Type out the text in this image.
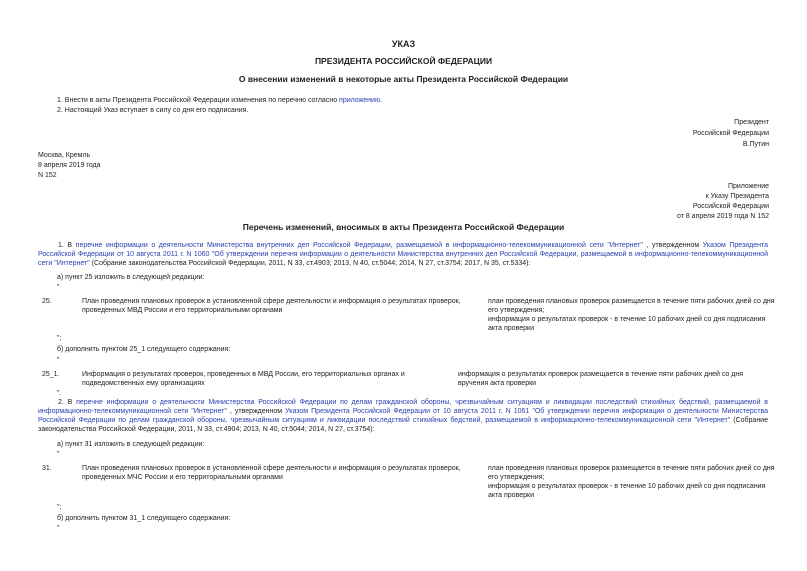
УКАЗ
ПРЕЗИДЕНТА РОССИЙСКОЙ ФЕДЕРАЦИИ
О внесении изменений в некоторые акты Президента Российской Федерации
1. Внести в акты Президента Российской Федерации изменения по перечню согласно приложению.
2. Настоящий Указ вступает в силу со дня его подписания.
Президент
Российской Федерации
В.Путин
Москва, Кремль
8 апреля 2019 года
N 152
Приложение
к Указу Президента
Российской Федерации
от 8 апреля 2019 года N 152
Перечень изменений, вносимых в акты Президента Российской Федерации
1. В перечне информации о деятельности Министерства внутренних дел Российской Федерации, размещаемой в информационно-телекоммуникационной сети "Интернет" , утвержденном Указом Президента Российской Федерации от 10 августа 2011 г. N 1060 "Об утверждении перечня информации о деятельности Министерства внутренних дел Российской Федерации, размещаемой в информационно-телекоммуникационной сети "Интернет" (Собрание законодательства Российской Федерации, 2011, N 33, ст.4903; 2013, N 40, ст.5044; 2014, N 27, ст.3754; 2017, N 35, ст.5334):
а) пункт 25 изложить в следующей редакции:
"
25.	План проведения плановых проверок в установленной сфере деятельности и информация о результатах проверок, проведенных МВД России и его территориальными органами
план проведения плановых проверок размещается в течение пяти рабочих дней со дня его утверждения;
информация о результатах проверок - в течение 10 рабочих дней со дня подписания акта проверки
";
б) дополнить пунктом 25_1 следующего содержания:
"
25_1.	Информация о результатах проверок, проведенных в МВД России, его территориальных органах и подведомственных ему организациях
информация о результатах проверок размещается в течение пяти рабочих дней со дня вручения акта проверки
".
2. В перечне информации о деятельности Министерства Российской Федерации по делам гражданской обороны, чрезвычайным ситуациям и ликвидации последствий стихийных бедствий, размещаемой в информационно-телекоммуникационной сети "Интернет" , утвержденном Указом Президента Российской Федерации от 10 августа 2011 г. N 1061 "Об утверждении перечня информации о деятельности Министерства Российской Федерации по делам гражданской обороны, чрезвычайным ситуациям и ликвидации последствий стихийных бедствий, размещаемой в информационно-телекоммуникационной сети "Интернет" (Собрание законодательства Российской Федерации, 2011, N 33, ст.4904; 2013, N 40, ст.5044; 2014, N 27, ст.3754):
а) пункт 31 изложить в следующей редакции:
"
31.	План проведения плановых проверок в установленной сфере деятельности и информация о результатах проверок, проведенных МЧС России и его территориальными органами
план проведения плановых проверок размещается в течение пяти рабочих дней со дня его утверждения;
информация о результатах проверок - в течение 10 рабочих дней со дня подписания акта проверки
";
б) дополнить пунктом 31_1 следующего содержания:
"
